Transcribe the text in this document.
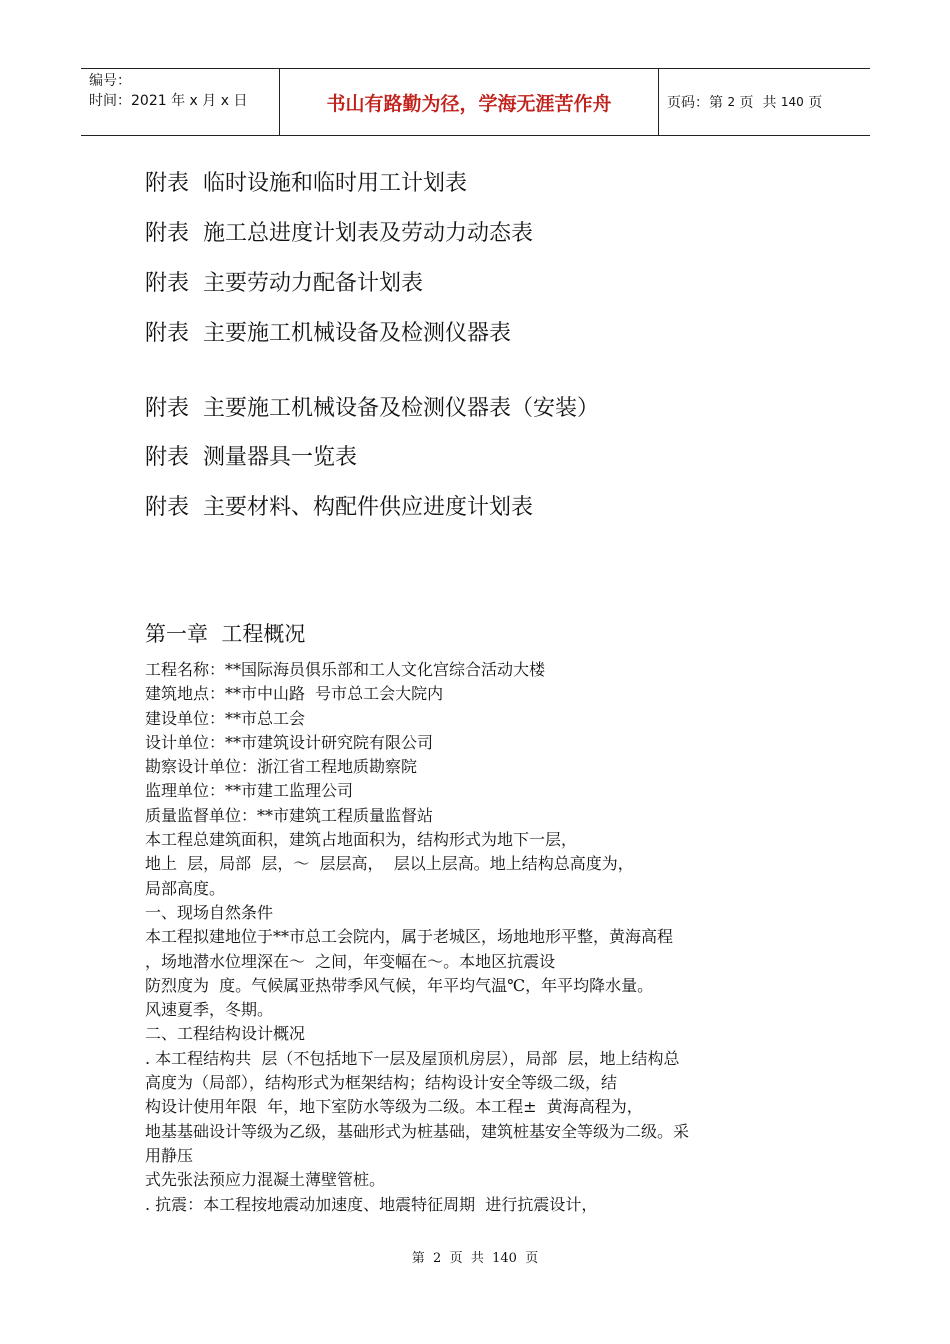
编号：
时间：2021 年 x 月 x 日	书山有路勤为径，学海无涯苦作舟	页码：第 2 页  共 140 页
附表  临时设施和临时用工计划表
附表  施工总进度计划表及劳动力动态表
附表  主要劳动力配备计划表
附表  主要施工机械设备及检测仪器表
附表  主要施工机械设备及检测仪器表（安装）
附表  测量器具一览表
附表  主要材料、构配件供应进度计划表
第一章  工程概况
工程名称：**国际海员俱乐部和工人文化宫综合活动大楼
建筑地点：**市中山路  号市总工会大院内
建设单位：**市总工会
设计单位：**市建筑设计研究院有限公司
勘察设计单位：浙江省工程地质勘察院
监理单位：**市建工监理公司
质量监督单位：**市建筑工程质量监督站
本工程总建筑面积，建筑占地面积为，结构形式为地下一层，
地上  层，局部  层，～  层层高，  层以上层高。地上结构总高度为，
局部高度。
一、现场自然条件
本工程拟建地位于**市总工会院内，属于老城区，场地地形平整，黄海高程
，场地潜水位埋深在～  之间，年变幅在～。本地区抗震设
防烈度为  度。气候属亚热带季风气候，年平均气温℃，年平均降水量。
风速夏季，冬期。
二、工程结构设计概况
. 本工程结构共  层（不包括地下一层及屋顶机房层），局部  层，地上结构总
高度为（局部），结构形式为框架结构；结构设计安全等级二级，结
构设计使用年限  年，地下室防水等级为二级。本工程±  黄海高程为，
地基基础设计等级为乙级，基础形式为桩基础，建筑桩基安全等级为二级。采
用静压
式先张法预应力混凝土薄壁管桩。
. 抗震：本工程按地震动加速度、地震特征周期  进行抗震设计，
第  2  页  共  140  页
